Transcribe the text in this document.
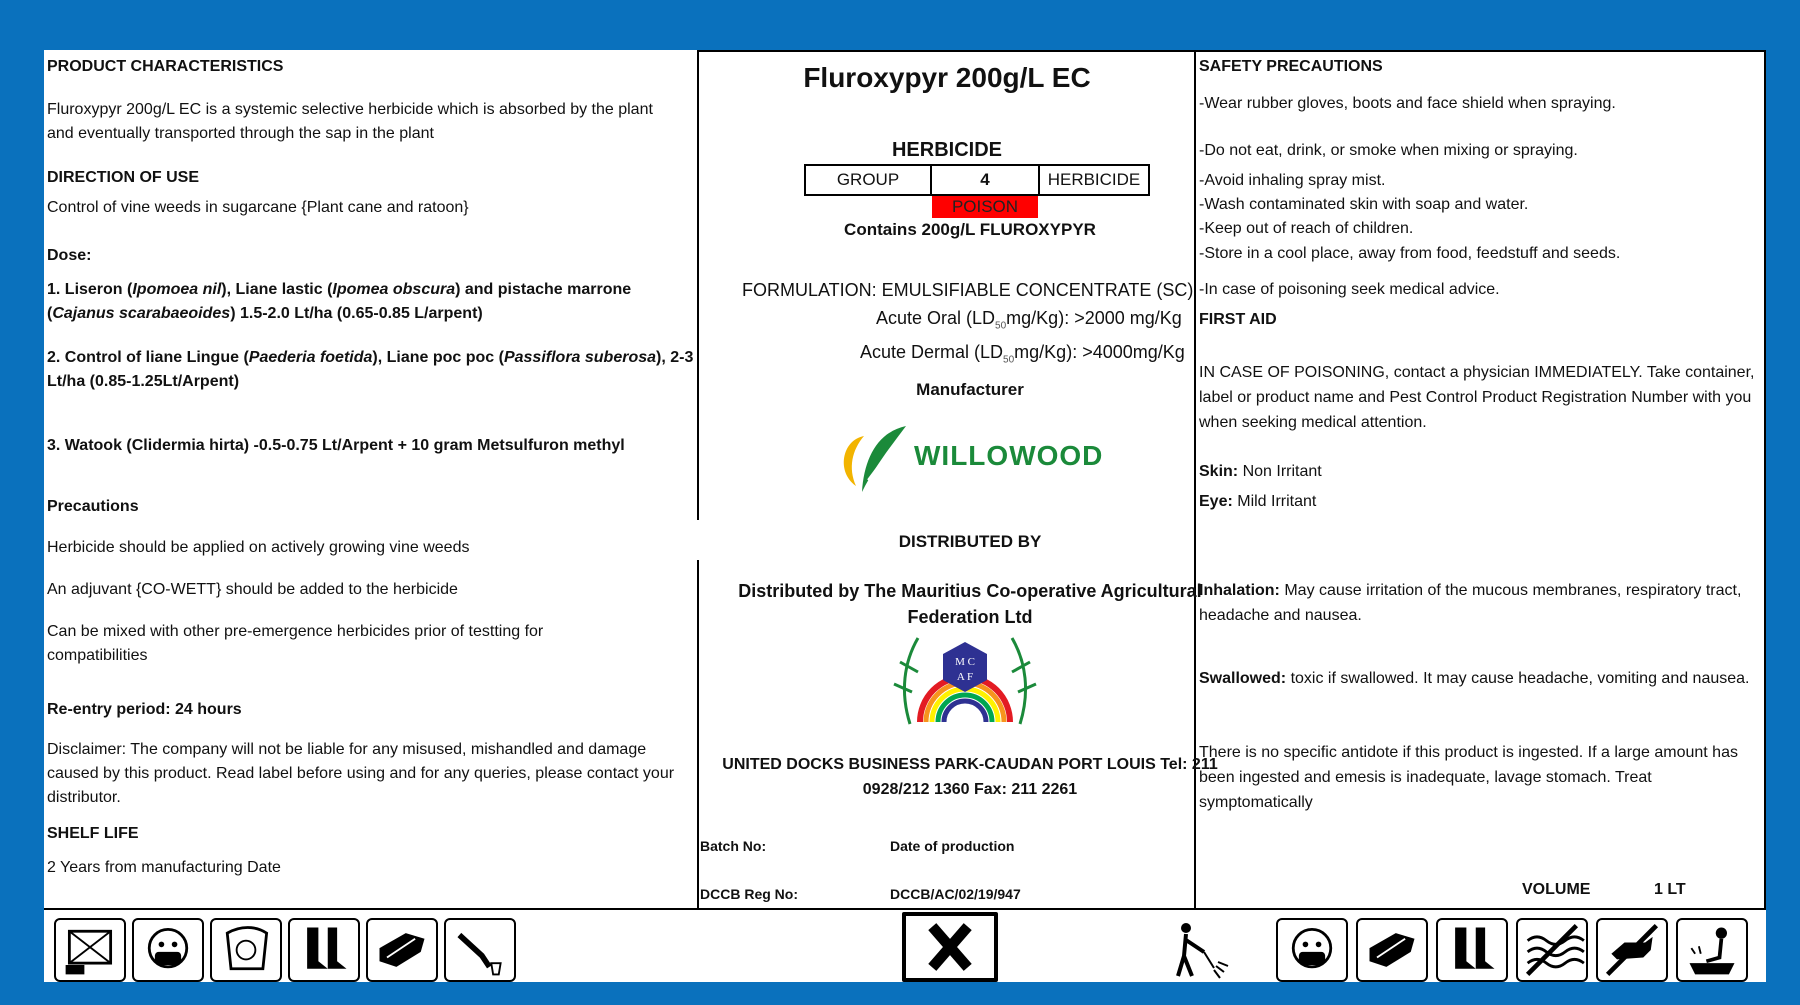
PRODUCT CHARACTERISTICS
Fluroxypyr 200g/L EC is a systemic selective herbicide which is absorbed by the plant and eventually transported through the sap in the plant
DIRECTION OF USE
Control of vine weeds in sugarcane {Plant cane and ratoon}
Dose:
1. Liseron (Ipomoea nil), Liane lastic (Ipomea obscura) and pistache marrone (Cajanus scarabaeoides) 1.5-2.0 Lt/ha (0.65-0.85 L/arpent)
2. Control of liane Lingue (Paederia foetida), Liane poc poc (Passiflora suberosa), 2-3 Lt/ha (0.85-1.25Lt/Arpent)
3. Watook (Clidermia hirta) -0.5-0.75 Lt/Arpent + 10 gram Metsulfuron methyl
Precautions
Herbicide should be applied on actively growing vine weeds
An adjuvant {CO-WETT} should be added to the herbicide
Can be mixed with other pre-emergence herbicides prior of testting for compatibilities
Re-entry period: 24 hours
Disclaimer: The company will not be liable for any misused, mishandled and damage caused by this product. Read label before using and for any queries, please contact your distributor.
SHELF LIFE
2 Years from manufacturing Date
Fluroxypyr 200g/L EC
HERBICIDE
GROUP	4	HERBICIDE
POISON
Contains 200g/L FLUROXYPYR
FORMULATION: EMULSIFIABLE CONCENTRATE (SC)
Acute Oral $(LD_{50}mg/Kg)$: >2000 mg/Kg
Acute Dermal $(LD_{50}mg/Kg)$: >4000mg/Kg
Manufacturer
WILLOWOOD
DISTRIBUTED BY
Distributed by The Mauritius Co-operative Agricultural Federation Ltd
M C
A F
UNITED DOCKS BUSINESS PARK-CAUDAN PORT LOUIS Tel: 211 0928/212 1360 Fax: 211 2261
Batch No:	Date of production
DCCB Reg No:	DCCB/AC/02/19/947
SAFETY PRECAUTIONS
-Wear rubber gloves, boots and face shield when spraying.
-Do not eat, drink, or smoke when mixing or spraying.
-Avoid inhaling spray mist.
-Wash contaminated skin with soap and water.
-Keep out of reach of children.
-Store in a cool place, away from food, feedstuff and seeds.
-In case of poisoning seek medical advice.
FIRST AID
IN CASE OF POISONING, contact a physician IMMEDIATELY. Take container, label or product name and Pest Control Product Registration Number with you when seeking medical attention.
Skin: Non Irritant
Eye: Mild Irritant
Inhalation: May cause irritation of the mucous membranes, respiratory tract, headache and nausea.
Swallowed: toxic if swallowed. It may cause headache, vomiting and nausea.
There is no specific antidote if this product is ingested. If a large amount has been ingested and emesis is inadequate, lavage stomach. Treat symptomatically
VOLUME	1 LT
